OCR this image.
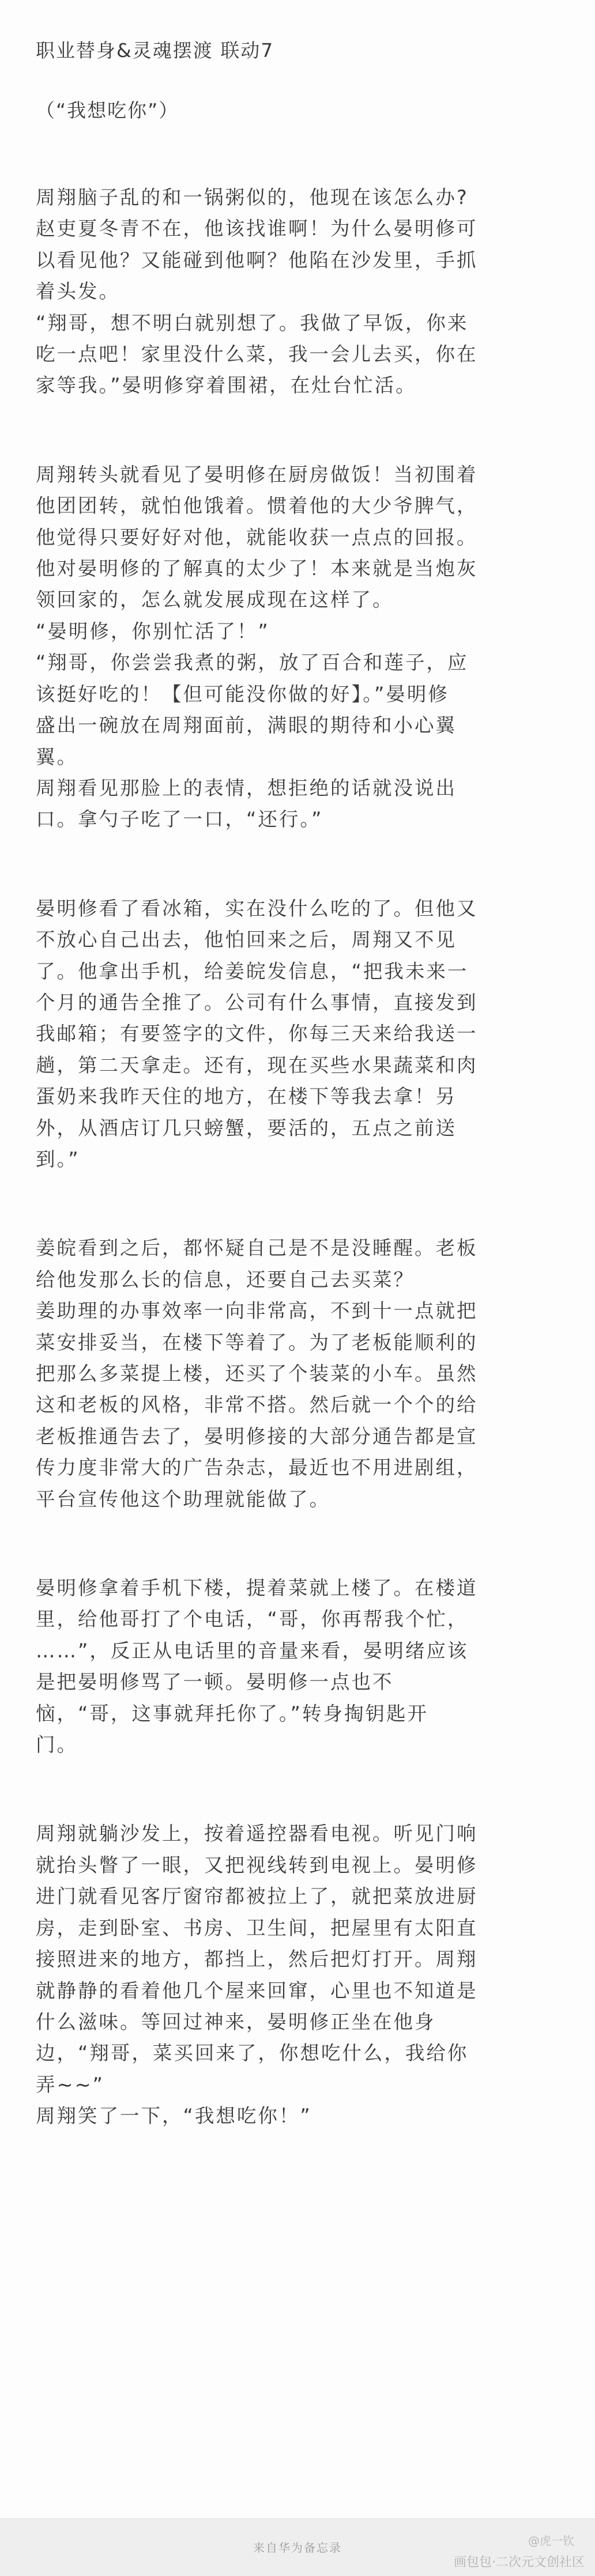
职业替身&灵魂摆渡 联动7
（“我想吃你”）
周翔脑子乱的和一锅粥似的，他现在该怎么办?
赵吏夏冬青不在，他该找谁啊！为什么晏明修可
以看见他？又能碰到他啊？他陷在沙发里，手抓
着头发。
“翔哥，想不明白就别想了。我做了早饭，你来
吃一点吧！家里没什么菜，我一会儿去买，你在
家等我。”晏明修穿着围裙，在灶台忙活。
周翔转头就看见了晏明修在厨房做饭！当初围着
他团团转，就怕他饿着。惯着他的大少爷脾气，
他觉得只要好好对他，就能收获一点点的回报。
他对晏明修的了解真的太少了！本来就是当炮灰
领回家的，怎么就发展成现在这样了。
“晏明修，你别忙活了！”
“翔哥，你尝尝我煮的粥，放了百合和莲子，应
该挺好吃的！【但可能没你做的好】。”晏明修
盛出一碗放在周翔面前，满眼的期待和小心翼
翼。
周翔看见那脸上的表情，想拒绝的话就没说出
口。拿勺子吃了一口，“还行。”
晏明修看了看冰箱，实在没什么吃的了。但他又
不放心自己出去，他怕回来之后，周翔又不见
了。他拿出手机，给姜皖发信息，“把我未来一
个月的通告全推了。公司有什么事情，直接发到
我邮箱；有要签字的文件，你每三天来给我送一
趟，第二天拿走。还有，现在买些水果蔬菜和肉
蛋奶来我昨天住的地方，在楼下等我去拿！另
外，从酒店订几只螃蟹，要活的，五点之前送
到。”
姜皖看到之后，都怀疑自己是不是没睡醒。老板
给他发那么长的信息，还要自己去买菜？
姜助理的办事效率一向非常高，不到十一点就把
菜安排妥当，在楼下等着了。为了老板能顺利的
把那么多菜提上楼，还买了个装菜的小车。虽然
这和老板的风格，非常不搭。然后就一个个的给
老板推通告去了，晏明修接的大部分通告都是宣
传力度非常大的广告杂志，最近也不用进剧组，
平台宣传他这个助理就能做了。
晏明修拿着手机下楼，提着菜就上楼了。在楼道
里，给他哥打了个电话，“哥，你再帮我个忙，
……”，反正从电话里的音量来看，晏明绪应该
是把晏明修骂了一顿。晏明修一点也不
恼，“哥，这事就拜托你了。”转身掏钥匙开
门。
周翔就躺沙发上，按着遥控器看电视。听见门响
就抬头瞥了一眼，又把视线转到电视上。晏明修
进门就看见客厅窗帘都被拉上了，就把菜放进厨
房，走到卧室、书房、卫生间，把屋里有太阳直
接照进来的地方，都挡上，然后把灯打开。周翔
就静静的看着他几个屋来回窜，心里也不知道是
什么滋味。等回过神来，晏明修正坐在他身
边，“翔哥，菜买回来了，你想吃什么，我给你
弄~~”
周翔笑了一下，“我想吃你！”
来自华为备忘录	@虎一钦
画包包·二次元文创社区
